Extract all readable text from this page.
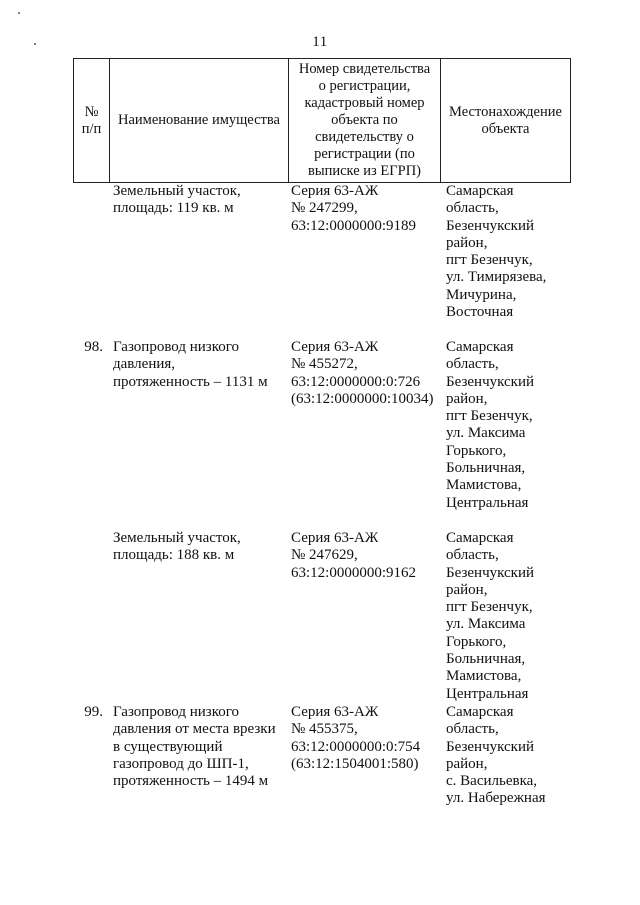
11
№
п/п
Наименование имущества
Номер свидетельства
о регистрации,
кадастровый номер
объекта по
свидетельству о
регистрации (по
выписке из ЕГРП)
Местонахождение
объекта
Земельный участок,
площадь: 119 кв. м
Серия 63-АЖ
№ 247299,
63:12:0000000:9189
Самарская
область,
Безенчукский
район,
пгт Безенчук,
ул. Тимирязева,
Мичурина,
Восточная
98. Газопровод низкого
давления,
протяженность – 1131 м
Серия 63-АЖ
№ 455272,
63:12:0000000:0:726
(63:12:0000000:10034)
Самарская
область,
Безенчукский
район,
пгт Безенчук,
ул. Максима
Горького,
Больничная,
Мамистова,
Центральная
Земельный участок,
площадь: 188 кв. м
Серия 63-АЖ
№ 247629,
63:12:0000000:9162
Самарская
область,
Безенчукский
район,
пгт Безенчук,
ул. Максима
Горького,
Больничная,
Мамистова,
Центральная
99. Газопровод низкого
давления от места врезки
в существующий
газопровод до ШП-1,
протяженность – 1494 м
Серия 63-АЖ
№ 455375,
63:12:0000000:0:754
(63:12:1504001:580)
Самарская
область,
Безенчукский
район,
с. Васильевка,
ул. Набережная
